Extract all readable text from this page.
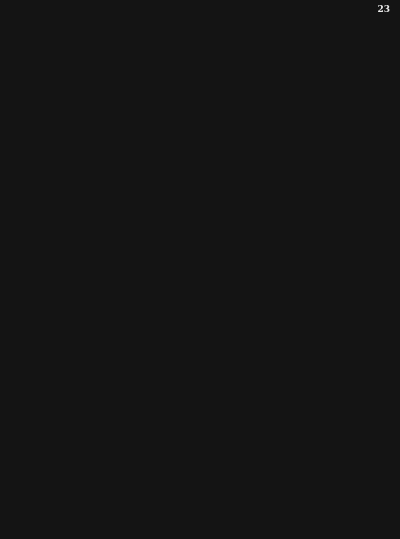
23
